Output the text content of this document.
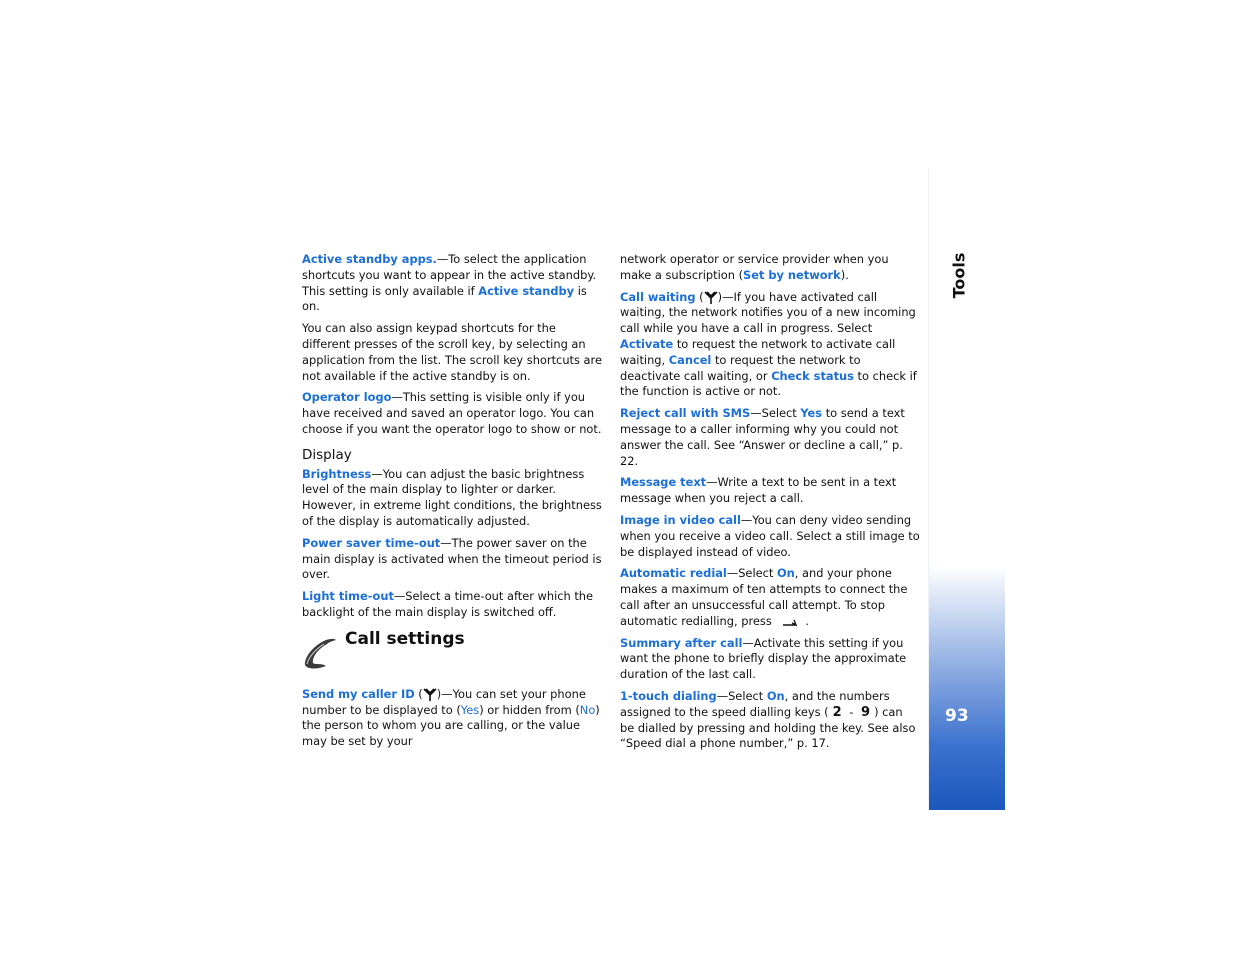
Active standby apps.—To select the application shortcuts you want to appear in the active standby. This setting is only available if Active standby is on.

You can also assign keypad shortcuts for the different presses of the scroll key, by selecting an application from the list. The scroll key shortcuts are not available if the active standby is on.

Operator logo—This setting is visible only if you have received and saved an operator logo. You can choose if you want the operator logo to show or not.

Display

Brightness—You can adjust the basic brightness level of the main display to lighter or darker. However, in extreme light conditions, the brightness of the display is automatically adjusted.

Power saver time-out—The power saver on the main display is activated when the timeout period is over.

Light time-out—Select a time-out after which the backlight of the main display is switched off.

Call settings

Send my caller ID ( )—You can set your phone number to be displayed to (Yes) or hidden from (No) the person to whom you are calling, or the value may be set by your

network operator or service provider when you make a subscription (Set by network).

Call waiting ( )—If you have activated call waiting, the network notifies you of a new incoming call while you have a call in progress. Select Activate to request the network to activate call waiting, Cancel to request the network to deactivate call waiting, or Check status to check if the function is active or not.

Reject call with SMS—Select Yes to send a text message to a caller informing why you could not answer the call. See “Answer or decline a call,” p. 22.

Message text—Write a text to be sent in a text message when you reject a call.

Image in video call—You can deny video sending when you receive a video call. Select a still image to be displayed instead of video.

Automatic redial—Select On, and your phone makes a maximum of ten attempts to connect the call after an unsuccessful call attempt. To stop automatic redialling, press	.

Summary after call—Activate this setting if you want the phone to briefly display the approximate duration of the last call.

1-touch dialing—Select On, and the numbers assigned to the speed dialling keys ( 2 - 9 ) can be dialled by pressing and holding the key. See also “Speed dial a phone number,” p. 17.

Tools
93
